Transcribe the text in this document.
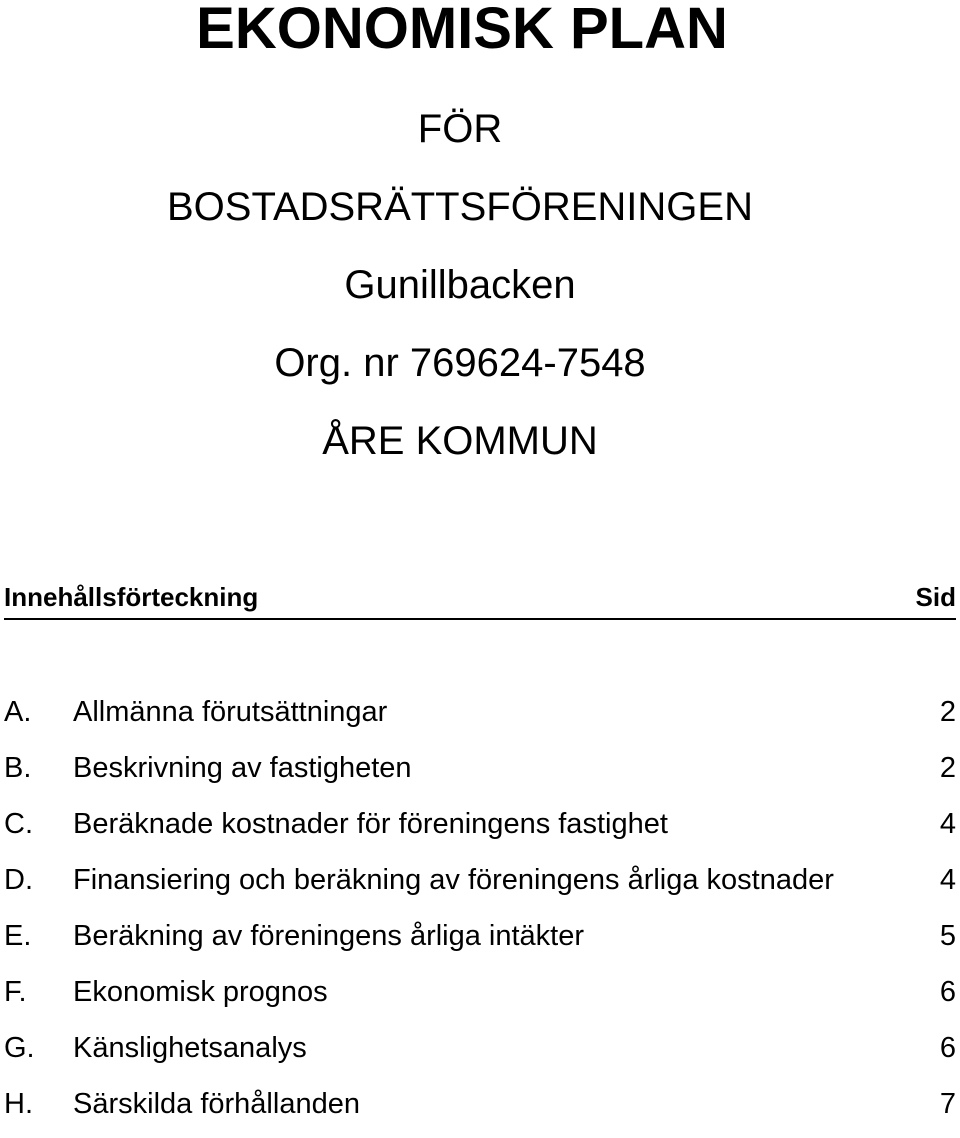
EKONOMISK PLAN
FÖR
BOSTADSRÄTTSFÖRENINGEN
Gunillbacken
Org. nr 769624-7548
ÅRE KOMMUN
Innehållsförteckning	Sid
A. Allmänna förutsättningar	2
B. Beskrivning av fastigheten	2
C. Beräknade kostnader för föreningens fastighet	4
D. Finansiering och beräkning av föreningens årliga kostnader	4
E. Beräkning av föreningens årliga intäkter	5
F. Ekonomisk prognos	6
G. Känslighetsanalys	6
H. Särskilda förhållanden	7
